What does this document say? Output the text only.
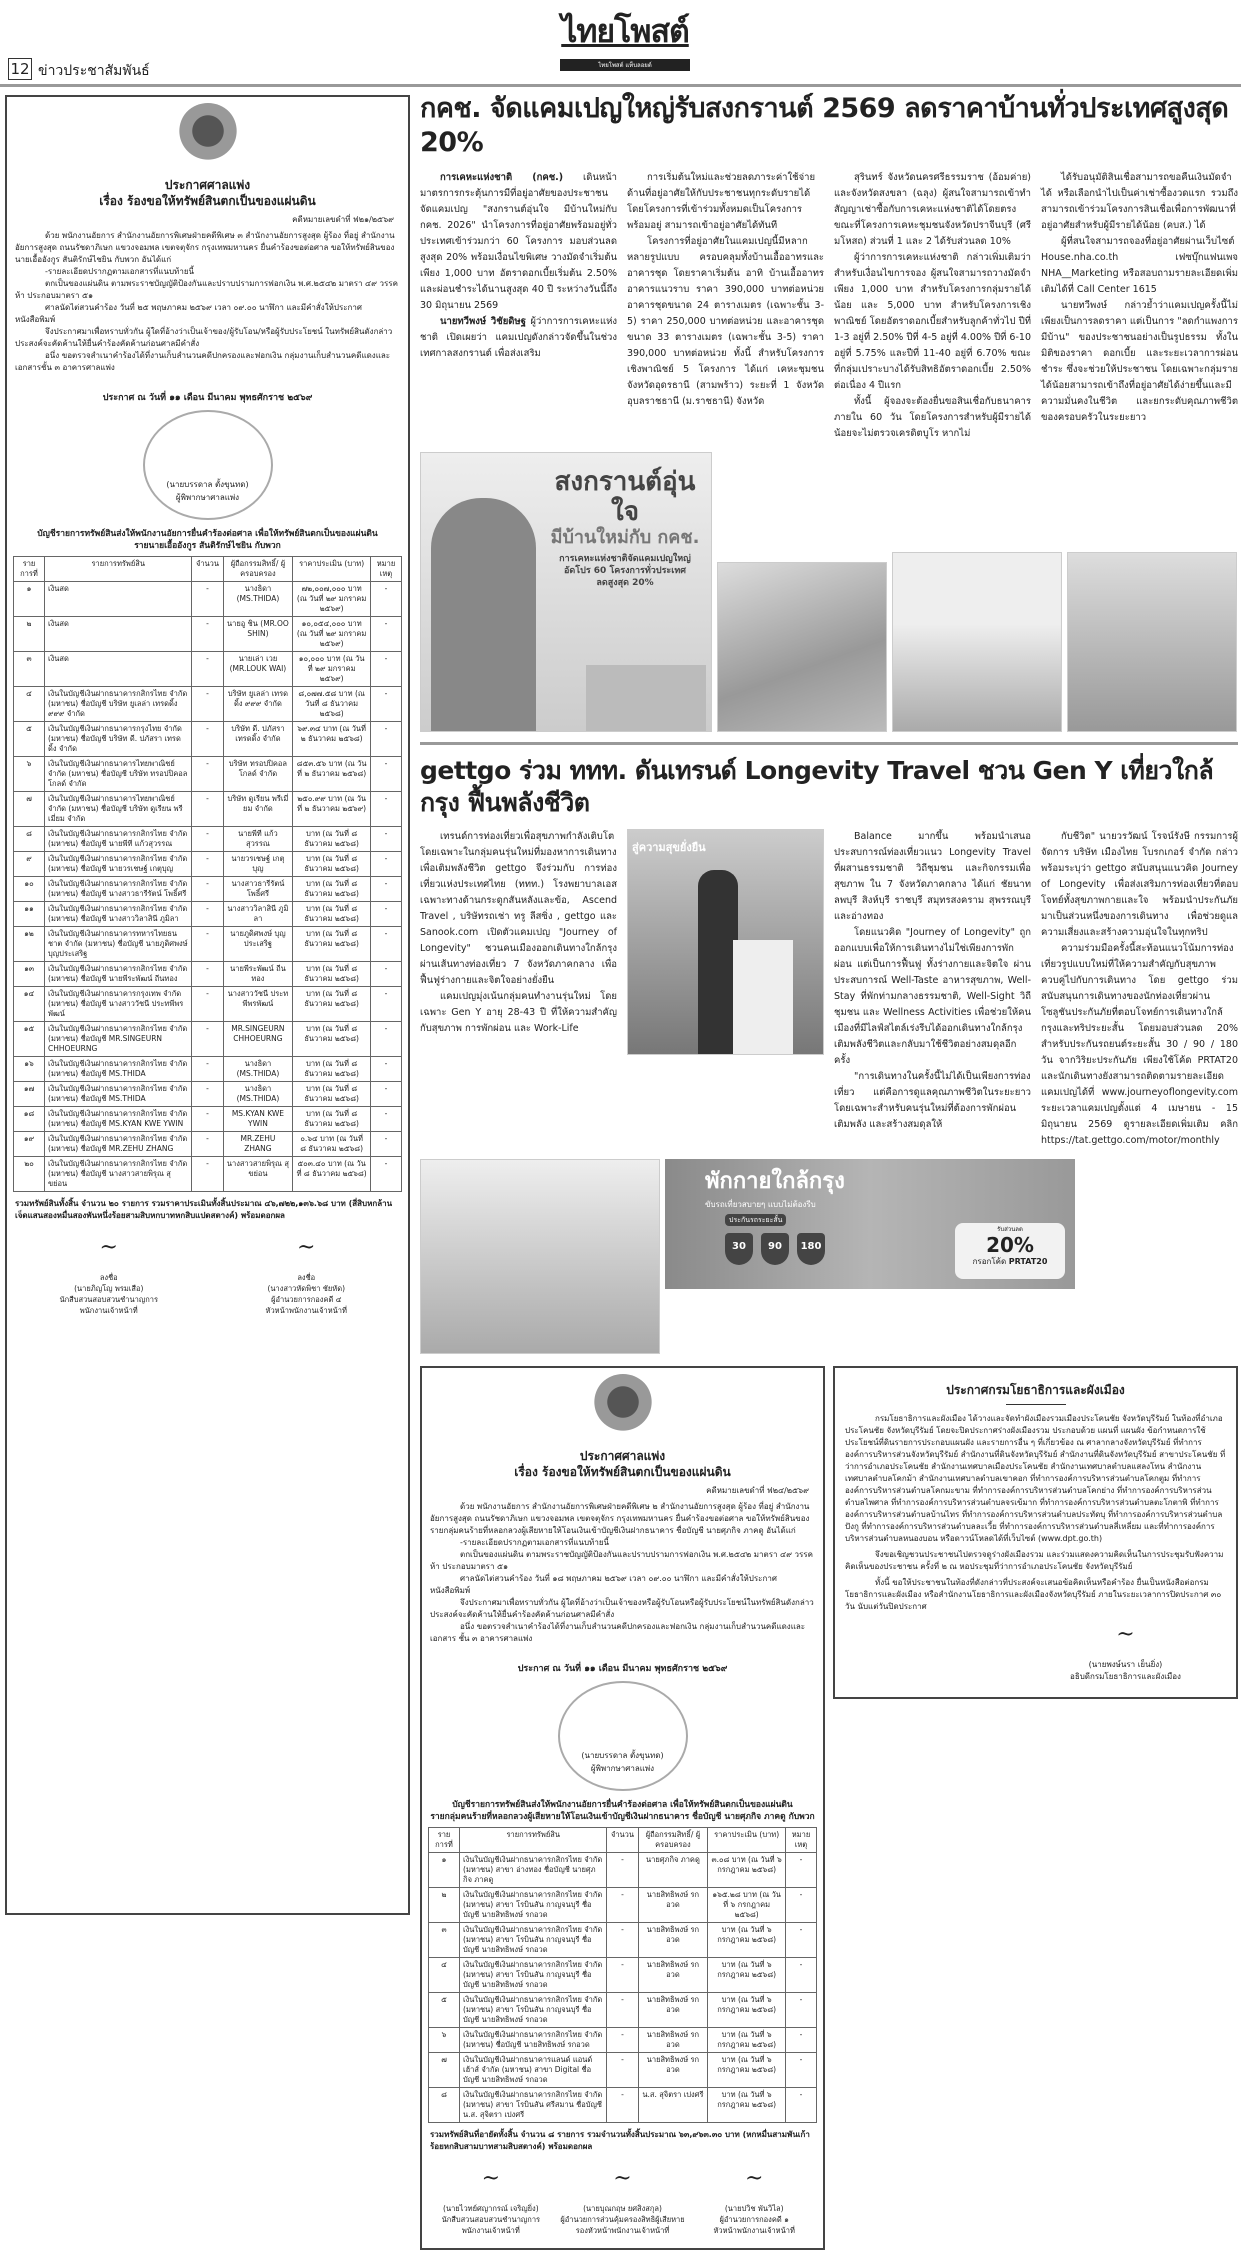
12 ข่าวประชาสัมพันธ์
ไทยโพสต์
ไทยโพสต์ แท็บลอยด์
ประกาศศาลแพ่ง
เรื่อง ร้องขอให้ทรัพย์สินตกเป็นของแผ่นดิน
คดีหมายเลขดำที่ ฟ๒๑/๒๕๖๙
ด้วย พนักงานอัยการ สำนักงานอัยการพิเศษฝ่ายคดีพิเศษ ๓ สำนักงานอัยการสูงสุด ผู้ร้อง ที่อยู่ สำนักงานอัยการสูงสุด ถนนรัชดาภิเษก แขวงจอมพล เขตจตุจักร กรุงเทพมหานคร ยื่นคำร้องขอต่อศาล ขอให้ทรัพย์สินของ นายเอื้ออังกูร สันติรักษ์ไชยิน กับพวก อันได้แก่
-รายละเอียดปรากฏตามเอกสารที่แนบท้ายนี้
ตกเป็นของแผ่นดิน ตามพระราชบัญญัติป้องกันและปราบปรามการฟอกเงิน พ.ศ.๒๕๔๒ มาตรา ๔๙ วรรคห้า ประกอบมาตรา ๕๑
ศาลนัดไต่สวนคำร้อง วันที่ ๒๕ พฤษภาคม ๒๕๖๙ เวลา ๐๙.๐๐ นาฬิกา และมีคำสั่งให้ประกาศหนังสือพิมพ์
จึงประกาศมาเพื่อทราบทั่วกัน ผู้ใดที่อ้างว่าเป็นเจ้าของ/ผู้รับโอน/หรือผู้รับประโยชน์ ในทรัพย์สินดังกล่าว ประสงค์จะคัดค้านให้ยื่นคำร้องคัดค้านก่อนศาลมีคำสั่ง
อนึ่ง ขอตรวจสำเนาคำร้องได้ที่งานเก็บสำนวนคดีปกครองและฟอกเงิน กลุ่มงานเก็บสำนวนคดีแดงและเอกสารชั้น ๓ อาคารศาลแพ่ง
ประกาศ ณ วันที่ ๑๑ เดือน มีนาคม พุทธศักราช ๒๕๖๙
(นายบรรดาล ตั้งขุนทด)
ผู้พิพากษาศาลแพ่ง
บัญชีรายการทรัพย์สินส่งให้พนักงานอัยการยื่นคำร้องต่อศาล เพื่อให้ทรัพย์สินตกเป็นของแผ่นดิน
รายนายเอื้ออังกูร สันติรักษ์ไชยิน กับพวก
ราย การที่	รายการทรัพย์สิน	จำนวน	ผู้ถือกรรมสิทธิ์/ ผู้ครอบครอง	ราคาประเมิน (บาท)	หมาย เหตุ
๑	เงินสด	-	นางธิดา (MS.THIDA)	๗๒,๐๐๗,๐๐๐ บาท (ณ วันที่ ๒๙ มกราคม ๒๕๖๙)	-
๒	เงินสด	-	นายอู ชิน (MR.OO SHIN)	๑๐,๐๕๔,๐๐๐ บาท (ณ วันที่ ๒๙ มกราคม ๒๕๖๙)	-
๓	เงินสด	-	นายเล่า เวย (MR.LOUK WAI)	๑๐,๐๐๐ บาท (ณ วันที่ ๒๙ มกราคม ๒๕๖๙)	-
๔	เงินในบัญชีเงินฝากธนาคารกสิกรไทย จำกัด (มหาชน) ชื่อบัญชี บริษัท ยูเลล่า เทรดดิ้ง ๙๙๙ จำกัด	-	บริษัท ยูเลล่า เทรดดิ้ง ๙๙๙ จำกัด	๘,๐๗๗.๕๘ บาท (ณ วันที่ ๘ ธันวาคม ๒๕๖๘)	-
๕	เงินในบัญชีเงินฝากธนาคารกรุงไทย จำกัด (มหาชน) ชื่อบัญชี บริษัท ดี. ปภัสรา เทรดดิ้ง จำกัด	-	บริษัท ดี. ปภัสรา เทรดดิ้ง จำกัด	๖๙.๓๔ บาท (ณ วันที่ ๒ ธันวาคม ๒๕๖๘)	-
๖	เงินในบัญชีเงินฝากธนาคารไทยพาณิชย์ จำกัด (มหาชน) ชื่อบัญชี บริษัท ทรอปปิคอล โกลด์ จำกัด	-	บริษัท ทรอปปิคอล โกลด์ จำกัด	๘๕๓.๕๖ บาท (ณ วันที่ ๒ ธันวาคม ๒๕๖๘)	-
๗	เงินในบัญชีเงินฝากธนาคารไทยพาณิชย์ จำกัด (มหาชน) ชื่อบัญชี บริษัท ดูเรียน พรีเมี่ยม จำกัด	-	บริษัท ดูเรียน พรีเมี่ยม จำกัด	๒๕๐.๙๙ บาท (ณ วันที่ ๒ ธันวาคม ๒๕๖๙)	-
๘	เงินในบัญชีเงินฝากธนาคารกสิกรไทย จำกัด (มหาชน) ชื่อบัญชี นายพีที แก้วสุวรรณ	-	นายพีที แก้วสุวรรณ	บาท (ณ วันที่ ๘ ธันวาคม ๒๕๖๘)	-
๙	เงินในบัญชีเงินฝากธนาคารกสิกรไทย จำกัด (มหาชน) ชื่อบัญชี นายวรเชษฐ์ เกตุบุญ	-	นายวรเชษฐ์ เกตุบุญ	บาท (ณ วันที่ ๘ ธันวาคม ๒๕๖๘)	-
๑๐	เงินในบัญชีเงินฝากธนาคารกสิกรไทย จำกัด (มหาชน) ชื่อบัญชี นางสาวธารีรัตน์ โพธิ์ศรี	-	นางสาวธารีรัตน์ โพธิ์ศรี	บาท (ณ วันที่ ๘ ธันวาคม ๒๕๖๘)	-
๑๑	เงินในบัญชีเงินฝากธนาคารกสิกรไทย จำกัด (มหาชน) ชื่อบัญชี นางสาววิลาสินี ภูมิลา	-	นางสาววิลาสินี ภูมิลา	บาท (ณ วันที่ ๘ ธันวาคม ๒๕๖๘)	-
๑๒	เงินในบัญชีเงินฝากธนาคารทหารไทยธนชาต จำกัด (มหาชน) ชื่อบัญชี นายภูดิศพงษ์ บุญประเสริฐ	-	นายภูดิศพงษ์ บุญประเสริฐ	บาท (ณ วันที่ ๘ ธันวาคม ๒๕๖๘)	-
๑๓	เงินในบัญชีเงินฝากธนาคารกสิกรไทย จำกัด (มหาชน) ชื่อบัญชี นายพีระพัฒน์ ถีนทอง	-	นายพีระพัฒน์ ถีนทอง	บาท (ณ วันที่ ๘ ธันวาคม ๒๕๖๘)	-
๑๔	เงินในบัญชีเงินฝากธนาคารกรุงเทพ จำกัด (มหาชน) ชื่อบัญชี นางสาววัชนี ประทพีพรพัฒน์	-	นางสาววัชนี ประทพีพรพัฒน์	บาท (ณ วันที่ ๘ ธันวาคม ๒๕๖๘)	-
๑๕	เงินในบัญชีเงินฝากธนาคารกสิกรไทย จำกัด (มหาชน) ชื่อบัญชี MR.SINGEURN CHHOEURNG	-	MR.SINGEURN CHHOEURNG	บาท (ณ วันที่ ๘ ธันวาคม ๒๕๖๘)	-
๑๖	เงินในบัญชีเงินฝากธนาคารกสิกรไทย จำกัด (มหาชน) ชื่อบัญชี MS.THIDA	-	นางธิดา (MS.THIDA)	บาท (ณ วันที่ ๘ ธันวาคม ๒๕๖๘)	-
๑๗	เงินในบัญชีเงินฝากธนาคารกสิกรไทย จำกัด (มหาชน) ชื่อบัญชี MS.THIDA	-	นางธิดา (MS.THIDA)	บาท (ณ วันที่ ๘ ธันวาคม ๒๕๖๘)	-
๑๘	เงินในบัญชีเงินฝากธนาคารกสิกรไทย จำกัด (มหาชน) ชื่อบัญชี MS.KYAN KWE YWIN	-	MS.KYAN KWE YWIN	บาท (ณ วันที่ ๘ ธันวาคม ๒๕๖๘)	-
๑๙	เงินในบัญชีเงินฝากธนาคารกสิกรไทย จำกัด (มหาชน) ชื่อบัญชี MR.ZEHU ZHANG	-	MR.ZEHU ZHANG	๐.๖๔ บาท (ณ วันที่ ๘ ธันวาคม ๒๕๖๘)	-
๒๐	เงินในบัญชีเงินฝากธนาคารกสิกรไทย จำกัด (มหาชน) ชื่อบัญชี นางสาวสายพิรุณ สุขย่อน	-	นางสาวสายพิรุณ สุขย่อน	๕๐๓.๔๐ บาท (ณ วันที่ ๘ ธันวาคม ๒๕๖๘)	-
รวมทรัพย์สินทั้งสิ้น จำนวน ๒๐ รายการ รวมราคาประเมินทั้งสิ้นประมาณ ๔๖,๗๒๒,๑๓๖.๖๘ บาท (สี่สิบหกล้านเจ็ดแสนสองหมื่นสองพันหนึ่งร้อยสามสิบหกบาทหกสิบแปดสตางค์) พร้อมดอกผล
~
ลงชื่อ
(นายภิญโญ พรมเสือ)
นักสืบสวนสอบสวนชำนาญการ
พนักงานเจ้าหน้าที่
~
ลงชื่อ
(นางสาวหัดพิชา ชัยหัด)
ผู้อำนวยการกองคดี ๔
หัวหน้าพนักงานเจ้าหน้าที่
กคช. จัดแคมเปญใหญ่รับสงกรานต์ 2569 ลดราคาบ้านทั่วประเทศสูงสุด 20%

การเคหะแห่งชาติ (กคช.) เดินหน้ามาตรการกระตุ้นการมีที่อยู่อาศัยของประชาชน จัดแคมเปญ "สงกรานต์อุ่นใจ มีบ้านใหม่กับ กคช. 2026" นำโครงการที่อยู่อาศัยพร้อมอยู่ทั่วประเทศเข้าร่วมกว่า 60 โครงการ มอบส่วนลดสูงสุด 20% พร้อมเงื่อนไขพิเศษ วางมัดจำเริ่มต้นเพียง 1,000 บาท อัตราดอกเบี้ยเริ่มต้น 2.50% และผ่อนชำระได้นานสูงสุด 40 ปี ระหว่างวันนี้ถึง 30 มิถุนายน 2569

นายทวีพงษ์ วิชัยดิษฐ ผู้ว่าการการเคหะแห่งชาติ เปิดเผยว่า แคมเปญดังกล่าวจัดขึ้นในช่วงเทศกาลสงกรานต์ เพื่อส่งเสริม

การเริ่มต้นใหม่และช่วยลดภาระค่าใช้จ่ายด้านที่อยู่อาศัยให้กับประชาชนทุกระดับรายได้ โดยโครงการที่เข้าร่วมทั้งหมดเป็นโครงการพร้อมอยู่ สามารถเข้าอยู่อาศัยได้ทันที

โครงการที่อยู่อาศัยในแคมเปญนี้มีหลากหลายรูปแบบ ครอบคลุมทั้งบ้านเอื้ออาทรและอาคารชุด โดยราคาเริ่มต้น อาทิ บ้านเอื้ออาทร อาคารแนวราบ ราคา 390,000 บาทต่อหน่วย อาคารชุดขนาด 24 ตารางเมตร (เฉพาะชั้น 3-5) ราคา 250,000 บาทต่อหน่วย และอาคารชุดขนาด 33 ตารางเมตร (เฉพาะชั้น 3-5) ราคา 390,000 บาทต่อหน่วย ทั้งนี้ สำหรับโครงการเชิงพาณิชย์ 5 โครงการ ได้แก่ เคหะชุมชนจังหวัดอุดรธานี (สามพร้าว) ระยะที่ 1 จังหวัดอุบลราชธานี (ม.ราชธานี) จังหวัด

สุรินทร์ จังหวัดนครศรีธรรมราช (อ้อมค่าย) และจังหวัดสงขลา (ฉลุง) ผู้สนใจสามารถเข้าทำสัญญาเช่าซื้อกับการเคหะแห่งชาติได้โดยตรง ขณะที่โครงการเคหะชุมชนจังหวัดปราจีนบุรี (ศรีมโหสถ) ส่วนที่ 1 และ 2 ได้รับส่วนลด 10%

ผู้ว่าการการเคหะแห่งชาติ กล่าวเพิ่มเติมว่า สำหรับเงื่อนไขการจอง ผู้สนใจสามารถวางมัดจำเพียง 1,000 บาท สำหรับโครงการกลุ่มรายได้น้อย และ 5,000 บาท สำหรับโครงการเชิงพาณิชย์ โดยอัตราดอกเบี้ยสำหรับลูกค้าทั่วไป ปีที่ 1-3 อยู่ที่ 2.50% ปีที่ 4-5 อยู่ที่ 4.00% ปีที่ 6-10 อยู่ที่ 5.75% และปีที่ 11-40 อยู่ที่ 6.70% ขณะที่กลุ่มเปราะบางได้รับสิทธิอัตราดอกเบี้ย 2.50% ต่อเนื่อง 4 ปีแรก

ทั้งนี้ ผู้จองจะต้องยื่นขอสินเชื่อกับธนาคารภายใน 60 วัน โดยโครงการสำหรับผู้มีรายได้น้อยจะไม่ตรวจเครดิตบูโร หากไม่

ได้รับอนุมัติสินเชื่อสามารถขอคืนเงินมัดจำได้ หรือเลือกนำไปเป็นค่าเช่าซื้องวดแรก รวมถึงสามารถเข้าร่วมโครงการสินเชื่อเพื่อการพัฒนาที่อยู่อาศัยสำหรับผู้มีรายได้น้อย (คบส.) ได้

ผู้ที่สนใจสามารถจองที่อยู่อาศัยผ่านเว็บไซต์ House.nha.co.th เฟซบุ๊กแฟนเพจ NHA__Marketing หรือสอบถามรายละเอียดเพิ่มเติมได้ที่ Call Center 1615

นายทวีพงษ์ กล่าวย้ำว่าแคมเปญครั้งนี้ไม่เพียงเป็นการลดราคา แต่เป็นการ "ลดกำแพงการมีบ้าน" ของประชาชนอย่างเป็นรูปธรรม ทั้งในมิติของราคา ดอกเบี้ย และระยะเวลาการผ่อนชำระ ซึ่งจะช่วยให้ประชาชน โดยเฉพาะกลุ่มรายได้น้อยสามารถเข้าถึงที่อยู่อาศัยได้ง่ายขึ้นและมีความมั่นคงในชีวิต และยกระดับคุณภาพชีวิตของครอบครัวในระยะยาว

สงกรานต์อุ่นใจ
มีบ้านใหม่กับ กคช.
การเคหะแห่งชาติจัดแคมเปญใหญ่
อัดโปร 60 โครงการทั่วประเทศ
ลดสูงสุด 20%
gettgo ร่วม ททท. ดันเทรนด์ Longevity Travel ชวน Gen Y เที่ยวใกล้กรุง ฟื้นพลังชีวิต

เทรนด์การท่องเที่ยวเพื่อสุขภาพกำลังเติบโต โดยเฉพาะในกลุ่มคนรุ่นใหม่ที่มองหาการเดินทางเพื่อเติมพลังชีวิต gettgo จึงร่วมกับ การท่องเที่ยวแห่งประเทศไทย (ททท.) โรงพยาบาลเอส เฉพาะทางด้านกระดูกสันหลังและข้อ, Ascend Travel , บริษัทรถเช่า ทรู ลีสซิ่ง , gettgo และ Sanook.com เปิดตัวแคมเปญ "Journey of Longevity" ชวนคนเมืองออกเดินทางใกล้กรุง ผ่านเส้นทางท่องเที่ยว 7 จังหวัดภาคกลาง เพื่อฟื้นฟูร่างกายและจิตใจอย่างยั่งยืน

แคมเปญมุ่งเน้นกลุ่มคนทำงานรุ่นใหม่ โดยเฉพาะ Gen Y อายุ 28-43 ปี ที่ให้ความสำคัญกับสุขภาพ การพักผ่อน และ Work-Life

สู่ความสุขยั่งยืน

Balance มากขึ้น พร้อมนำเสนอประสบการณ์ท่องเที่ยวแนว Longevity Travel ที่ผสานธรรมชาติ วิถีชุมชน และกิจกรรมเพื่อสุขภาพ ใน 7 จังหวัดภาคกลาง ได้แก่ ชัยนาท ลพบุรี สิงห์บุรี ราชบุรี สมุทรสงคราม สุพรรณบุรี และอ่างทอง

โดยแนวคิด "Journey of Longevity" ถูกออกแบบเพื่อให้การเดินทางไม่ใช่เพียงการพักผ่อน แต่เป็นการฟื้นฟู ทั้งร่างกายและจิตใจ ผ่านประสบการณ์ Well-Taste อาหารสุขภาพ, Well-Stay ที่พักท่ามกลางธรรมชาติ, Well-Sight วิถีชุมชน และ Wellness Activities เพื่อช่วยให้คนเมืองที่มีไลฟ์สไตล์เร่งรีบได้ออกเดินทางใกล้กรุง เติมพลังชีวิตและกลับมาใช้ชีวิตอย่างสมดุลอีกครั้ง

"การเดินทางในครั้งนี้ไม่ได้เป็นเพียงการท่องเที่ยว แต่คือการดูแลคุณภาพชีวิตในระยะยาว โดยเฉพาะสำหรับคนรุ่นใหม่ที่ต้องการพักผ่อน เติมพลัง และสร้างสมดุลให้

กับชีวิต" นายวรวัฒน์ โรจน์รังษี กรรมการผู้จัดการ บริษัท เมืองไทย โบรกเกอร์ จำกัด กล่าว พร้อมระบุว่า gettgo สนับสนุนแนวคิด Journey of Longevity เพื่อส่งเสริมการท่องเที่ยวที่ตอบโจทย์ทั้งสุขภาพกายและใจ พร้อมนำประกันภัยมาเป็นส่วนหนึ่งของการเดินทาง เพื่อช่วยดูแลความเสี่ยงและสร้างความอุ่นใจในทุกทริป

ความร่วมมือครั้งนี้สะท้อนแนวโน้มการท่องเที่ยวรูปแบบใหม่ที่ให้ความสำคัญกับสุขภาพควบคู่ไปกับการเดินทาง โดย gettgo ร่วมสนับสนุนการเดินทางของนักท่องเที่ยวผ่านโซลูชันประกันภัยที่ตอบโจทย์การเดินทางใกล้กรุงและทริประยะสั้น โดยมอบส่วนลด 20% สำหรับประกันรถยนต์ระยะสั้น 30 / 90 / 180 วัน จากวิริยะประกันภัย เพียงใช้โค้ด PRTAT20 และนักเดินทางยังสามารถติดตามรายละเอียดแคมเปญได้ที่ www.journeyoflongevity.com ระยะเวลาแคมเปญตั้งแต่ 4 เมษายน - 15 มิถุนายน 2569 ดูรายละเอียดเพิ่มเติม คลิก https://tat.gettgo.com/motor/monthly

พักกายใกล้กรุง
ขับรถเที่ยวสบายๆ แบบไม่ต้องรีบ
ประกันรถระยะสั้น
30	90	180
รับส่วนลด
20%
กรอกโค้ด PRTAT20
ประกาศศาลแพ่ง
เรื่อง ร้องขอให้ทรัพย์สินตกเป็นของแผ่นดิน
คดีหมายเลขดำที่ ฟ๒๔/๒๕๖๙
ด้วย พนักงานอัยการ สำนักงานอัยการพิเศษฝ่ายคดีพิเศษ ๒ สำนักงานอัยการสูงสุด ผู้ร้อง ที่อยู่ สำนักงานอัยการสูงสุด ถนนรัชดาภิเษก แขวงจอมพล เขตจตุจักร กรุงเทพมหานคร ยื่นคำร้องขอต่อศาล ขอให้ทรัพย์สินของ รายกลุ่มคนร้ายที่หลอกลวงผู้เสียหายให้โอนเงินเข้าบัญชีเงินฝากธนาคาร ชื่อบัญชี นายศุภกิจ ภาคดู อันได้แก่
-รายละเอียดปรากฏตามเอกสารที่แนบท้ายนี้
ตกเป็นของแผ่นดิน ตามพระราชบัญญัติป้องกันและปราบปรามการฟอกเงิน พ.ศ.๒๕๔๒ มาตรา ๔๙ วรรคห้า ประกอบมาตรา ๕๑
ศาลนัดไต่สวนคำร้อง วันที่ ๑๘ พฤษภาคม ๒๕๖๙ เวลา ๐๙.๐๐ นาฬิกา และมีคำสั่งให้ประกาศหนังสือพิมพ์
จึงประกาศมาเพื่อทราบทั่วกัน ผู้ใดที่อ้างว่าเป็นเจ้าของหรือผู้รับโอนหรือผู้รับประโยชน์ในทรัพย์สินดังกล่าว ประสงค์จะคัดค้านให้ยื่นคำร้องคัดค้านก่อนศาลมีคำสั่ง
อนึ่ง ขอตรวจสำเนาคำร้องได้ที่งานเก็บสำนวนคดีปกครองและฟอกเงิน กลุ่มงานเก็บสำนวนคดีแดงและเอกสาร ชั้น ๓ อาคารศาลแพ่ง
ประกาศ ณ วันที่ ๑๑ เดือน มีนาคม พุทธศักราช ๒๕๖๙
(นายบรรดาล ตั้งขุนทด)
ผู้พิพากษาศาลแพ่ง
บัญชีรายการทรัพย์สินส่งให้พนักงานอัยการยื่นคำร้องต่อศาล เพื่อให้ทรัพย์สินตกเป็นของแผ่นดิน
รายกลุ่มคนร้ายที่หลอกลวงผู้เสียหายให้โอนเงินเข้าบัญชีเงินฝากธนาคาร ชื่อบัญชี นายศุภกิจ ภาคดู กับพวก
ราย การที่	รายการทรัพย์สิน	จำนวน	ผู้ถือกรรมสิทธิ์/ ผู้ครอบครอง	ราคาประเมิน (บาท)	หมาย เหตุ
๑	เงินในบัญชีเงินฝากธนาคารกสิกรไทย จำกัด (มหาชน) สาขา อ่างทอง ชื่อบัญชี นายศุภกิจ ภาคดู	-	นายศุภกิจ ภาคดู	๓.๐๘ บาท (ณ วันที่ ๖ กรกฎาคม ๒๕๖๘)	-
๒	เงินในบัญชีเงินฝากธนาคารกสิกรไทย จำกัด (มหาชน) สาขา โรบินสัน กาญจนบุรี ชื่อบัญชี นายสิทธิพงษ์ รกอวด	-	นายสิทธิพงษ์ รกอวด	๑๖๕.๒๘ บาท (ณ วันที่ ๖ กรกฎาคม ๒๕๖๘)	-
๓	เงินในบัญชีเงินฝากธนาคารกสิกรไทย จำกัด (มหาชน) สาขา โรบินสัน กาญจนบุรี ชื่อบัญชี นายสิทธิพงษ์ รกอวด	-	นายสิทธิพงษ์ รกอวด	บาท (ณ วันที่ ๖ กรกฎาคม ๒๕๖๘)	-
๔	เงินในบัญชีเงินฝากธนาคารกสิกรไทย จำกัด (มหาชน) สาขา โรบินสัน กาญจนบุรี ชื่อบัญชี นายสิทธิพงษ์ รกอวด	-	นายสิทธิพงษ์ รกอวด	บาท (ณ วันที่ ๖ กรกฎาคม ๒๕๖๘)	-
๕	เงินในบัญชีเงินฝากธนาคารกสิกรไทย จำกัด (มหาชน) สาขา โรบินสัน กาญจนบุรี ชื่อบัญชี นายสิทธิพงษ์ รกอวด	-	นายสิทธิพงษ์ รกอวด	บาท (ณ วันที่ ๖ กรกฎาคม ๒๕๖๘)	-
๖	เงินในบัญชีเงินฝากธนาคารกสิกรไทย จำกัด (มหาชน) ชื่อบัญชี นายสิทธิพงษ์ รกอวด	-	นายสิทธิพงษ์ รกอวด	บาท (ณ วันที่ ๖ กรกฎาคม ๒๕๖๘)	-
๗	เงินในบัญชีเงินฝากธนาคารแลนด์ แอนด์ เฮ้าส์ จำกัด (มหาชน) สาขา Digital ชื่อบัญชี นายสิทธิพงษ์ รกอวด	-	นายสิทธิพงษ์ รกอวด	บาท (ณ วันที่ ๖ กรกฎาคม ๒๕๖๘)	-
๘	เงินในบัญชีเงินฝากธนาคารกสิกรไทย จำกัด (มหาชน) สาขา โรบินสัน ศรีสมาน ชื่อบัญชี น.ส. สุจิตรา เปงศรี	-	น.ส. สุจิตรา เปงศรี	บาท (ณ วันที่ ๖ กรกฎาคม ๒๕๖๘)	-
รวมทรัพย์สินที่อายัดทั้งสิ้น จำนวน ๘ รายการ รวมจำนวนทั้งสิ้นประมาณ ๖๓,๙๖๓.๓๐ บาท (หกหมื่นสามพันเก้าร้อยหกสิบสามบาทสามสิบสตางค์) พร้อมดอกผล
~
(นายไวทย์ศญากรณ์ เจริญยิ่ง)
นักสืบสวนสอบสวนชำนาญการ
พนักงานเจ้าหน้าที่
~
(นายบุณกฤษ ยศสิงสกุล)
ผู้อำนวยการส่วนคุ้มครองสิทธิผู้เสียหาย
รองหัวหน้าพนักงานเจ้าหน้าที่
~
(นายปวิช พันวิไล)
ผู้อำนวยการกองคดี ๑
หัวหน้าพนักงานเจ้าหน้าที่
ประกาศกรมโยธาธิการและผังเมือง
กรมโยธาธิการและผังเมือง ได้วางและจัดทำผังเมืองรวมเมืองประโคนชัย จังหวัดบุรีรัมย์ ในท้องที่อำเภอประโคนชัย จังหวัดบุรีรัมย์ โดยจะปิดประกาศร่างผังเมืองรวม ประกอบด้วย แผนที่ แผนผัง ข้อกำหนดการใช้ประโยชน์ที่ดินรายการประกอบแผนผัง และรายการอื่น ๆ ที่เกี่ยวข้อง ณ ศาลากลางจังหวัดบุรีรัมย์ ที่ทำการองค์การบริหารส่วนจังหวัดบุรีรัมย์ สำนักงานที่ดินจังหวัดบุรีรัมย์ สำนักงานที่ดินจังหวัดบุรีรัมย์ สาขาประโคนชัย ที่ว่าการอำเภอประโคนชัย สำนักงานเทศบาลเมืองประโคนชัย สำนักงานเทศบาลตำบลแสลงโทน สำนักงานเทศบาลตำบลโคกม้า สำนักงานเทศบาลตำบลเขาคอก ที่ทำการองค์การบริหารส่วนตำบลโคกตูม ที่ทำการองค์การบริหารส่วนตำบลโคกมะขาม ที่ทำการองค์การบริหารส่วนตำบลโคกย่าง ที่ทำการองค์การบริหารส่วนตำบลไพศาล ที่ทำการองค์การบริหารส่วนตำบลจรเข้มาก ที่ทำการองค์การบริหารส่วนตำบลตะโกตาพิ ที่ทำการองค์การบริหารส่วนตำบลบ้านไทร ที่ทำการองค์การบริหารส่วนตำบลประทัดบุ ที่ทำการองค์การบริหารส่วนตำบลปังกู ที่ทำการองค์การบริหารส่วนตำบลละเวี้ย ที่ทำการองค์การบริหารส่วนตำบลสี่เหลี่ยม และที่ทำการองค์การบริหารส่วนตำบลหนองบอน หรือดาวน์โหลดได้ที่เว็บไซต์ (www.dpt.go.th)
จึงขอเชิญชวนประชาชนไปตรวจดูร่างผังเมืองรวม และร่วมแสดงความคิดเห็นในการประชุมรับฟังความคิดเห็นของประชาชน ครั้งที่ ๒ ณ หอประชุมที่ว่าการอำเภอประโคนชัย จังหวัดบุรีรัมย์
ทั้งนี้ ขอให้ประชาชนในท้องที่ดังกล่าวที่ประสงค์จะเสนอข้อคิดเห็นหรือคำร้อง ยื่นเป็นหนังสือต่อกรมโยธาธิการและผังเมือง หรือสำนักงานโยธาธิการและผังเมืองจังหวัดบุรีรัมย์ ภายในระยะเวลาการปิดประกาศ ๓๐ วัน นับแต่วันปิดประกาศ
~
(นายพงษ์นรา เย็นยิ่ง)
อธิบดีกรมโยธาธิการและผังเมือง
